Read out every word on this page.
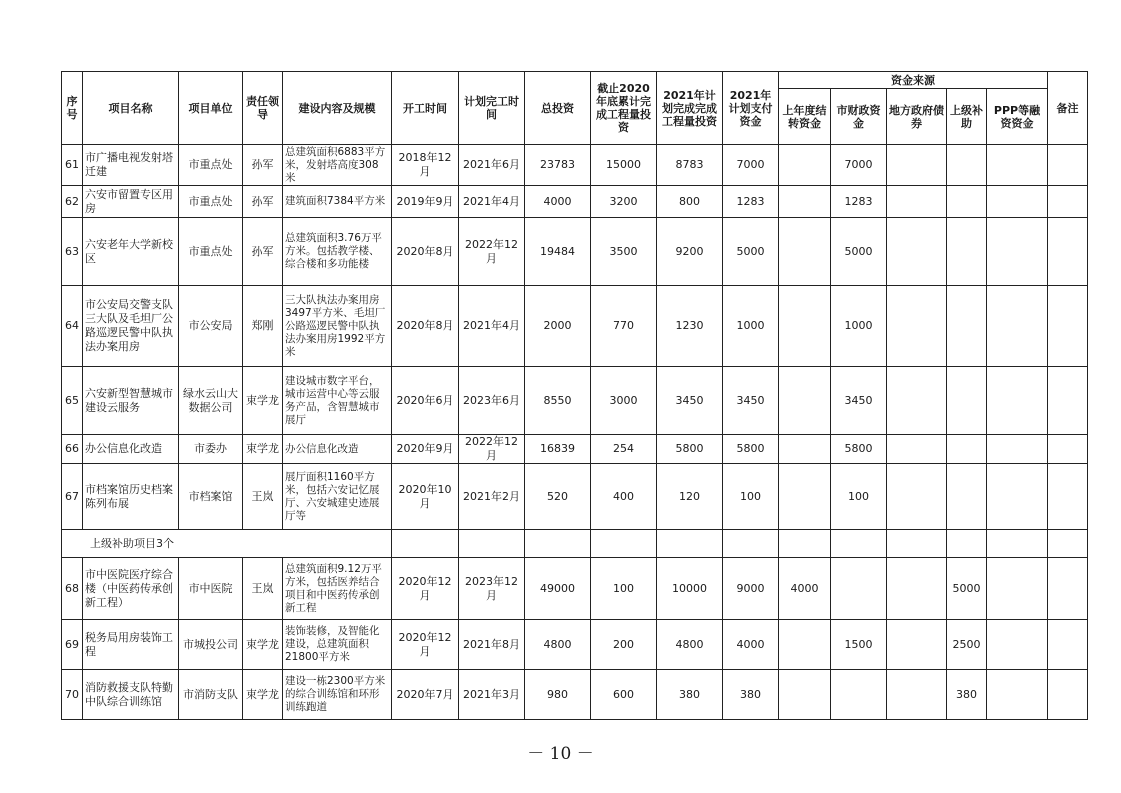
序号	项目名称	项目单位	责任领导	建设内容及规模	开工时间	计划完工时间	总投资	截止2020年底累计完成工程量投资	2021年计划完成完成工程量投资	2021年计划支付资金	资金来源					备注
											上年度结转资金	市财政资金	地方政府债券	上级补助	PPP等融资资金	
61	市广播电视发射塔迁建	市重点处	孙军	总建筑面积6883平方米，发射塔高度308米	2018年12月	2021年6月	23783	15000	8783	7000		7000				
62	六安市留置专区用房	市重点处	孙军	建筑面积7384平方米	2019年9月	2021年4月	4000	3200	800	1283		1283				
63	六安老年大学新校区	市重点处	孙军	总建筑面积3.76万平方米。包括教学楼、综合楼和多功能楼	2020年8月	2022年12月	19484	3500	9200	5000		5000				
64	市公安局交警支队三大队及毛坦厂公路巡逻民警中队执法办案用房	市公安局	郑刚	三大队执法办案用房3497平方米、毛坦厂公路巡逻民警中队执法办案用房1992平方米	2020年8月	2021年4月	2000	770	1230	1000		1000				
65	六安新型智慧城市建设云服务	绿水云山大数据公司	束学龙	建设城市数字平台，城市运营中心等云服务产品，含智慧城市展厅	2020年6月	2023年6月	8550	3000	3450	3450		3450				
66	办公信息化改造	市委办	束学龙	办公信息化改造	2020年9月	2022年12月	16839	254	5800	5800		5800				
67	市档案馆历史档案陈列布展	市档案馆	王岚	展厅面积1160平方米，包括六安记忆展厅、六安城建史迹展厅等	2020年10月	2021年2月	520	400	120	100		100				
上级补助项目3个																
68	市中医院医疗综合楼（中医药传承创新工程）	市中医院	王岚	总建筑面积9.12万平方米，包括医养结合项目和中医药传承创新工程	2020年12月	2023年12月	49000	100	10000	9000	4000			5000		
69	税务局用房装饰工程	市城投公司	束学龙	装饰装修，及智能化建设，总建筑面积21800平方米	2020年12月	2021年8月	4800	200	4800	4000		1500		2500		
70	消防救援支队特勤中队综合训练馆	市消防支队	束学龙	建设一栋2300平方米的综合训练馆和环形训练跑道	2020年7月	2021年3月	980	600	380	380				380		
－ 10 －
